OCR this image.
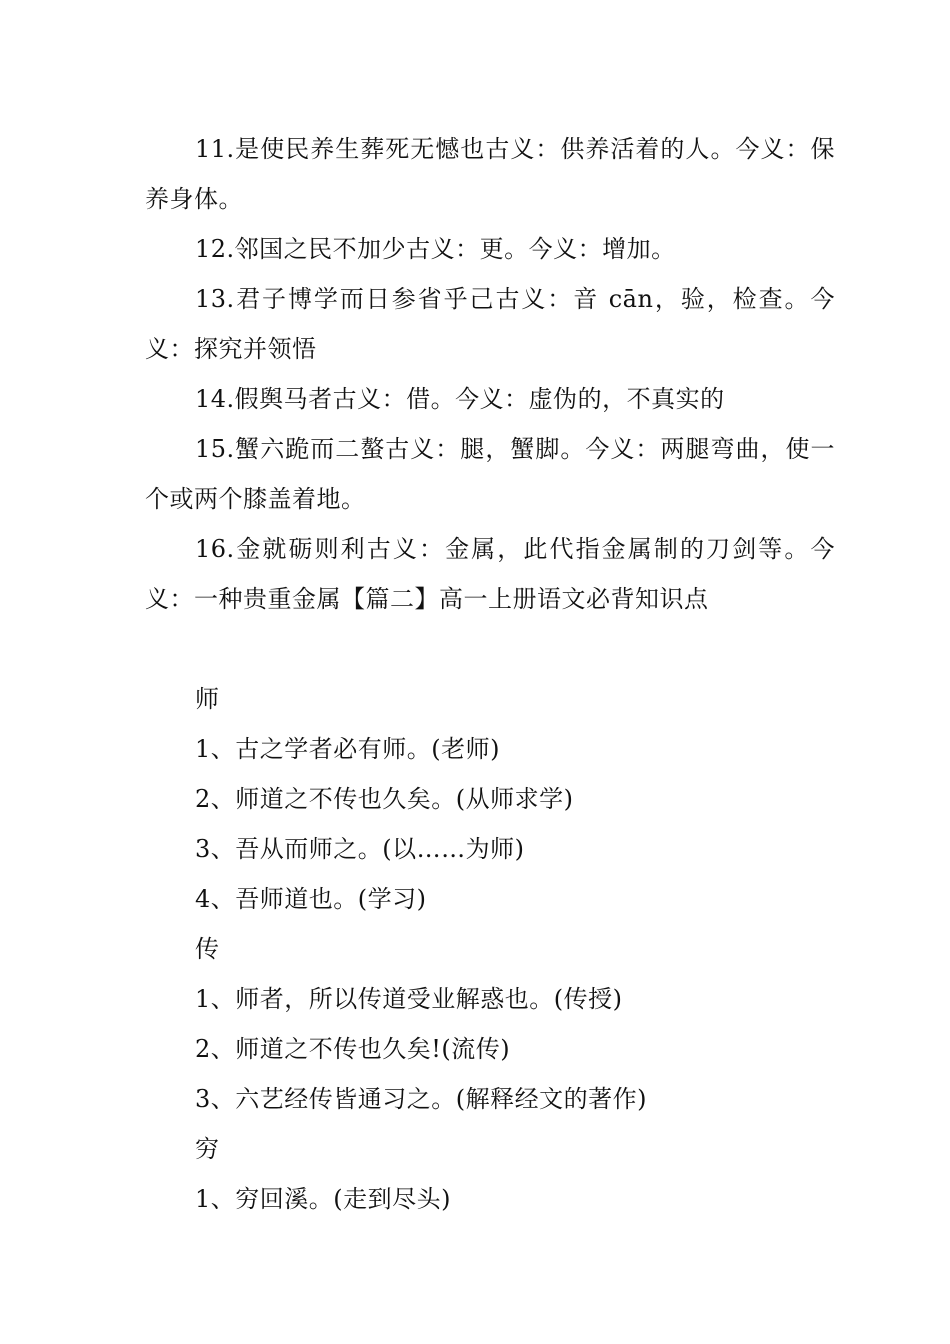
11.是使民养生葬死无憾也古义：供养活着的人。今义：保养身体。

12.邻国之民不加少古义：更。今义：增加。

13.君子博学而日参省乎己古义：音 cān，验，检查。今义：探究并领悟

14.假舆马者古义：借。今义：虚伪的，不真实的

15.蟹六跪而二螯古义：腿，蟹脚。今义：两腿弯曲，使一个或两个膝盖着地。

16.金就砺则利古义：金属，此代指金属制的刀剑等。今义：一种贵重金属【篇二】高一上册语文必背知识点

师

1、古之学者必有师。(老师)

2、师道之不传也久矣。(从师求学)

3、吾从而师之。(以……为师)

4、吾师道也。(学习)

传

1、师者，所以传道受业解惑也。(传授)

2、师道之不传也久矣!(流传)

3、六艺经传皆通习之。(解释经文的著作)

穷

1、穷回溪。(走到尽头)
